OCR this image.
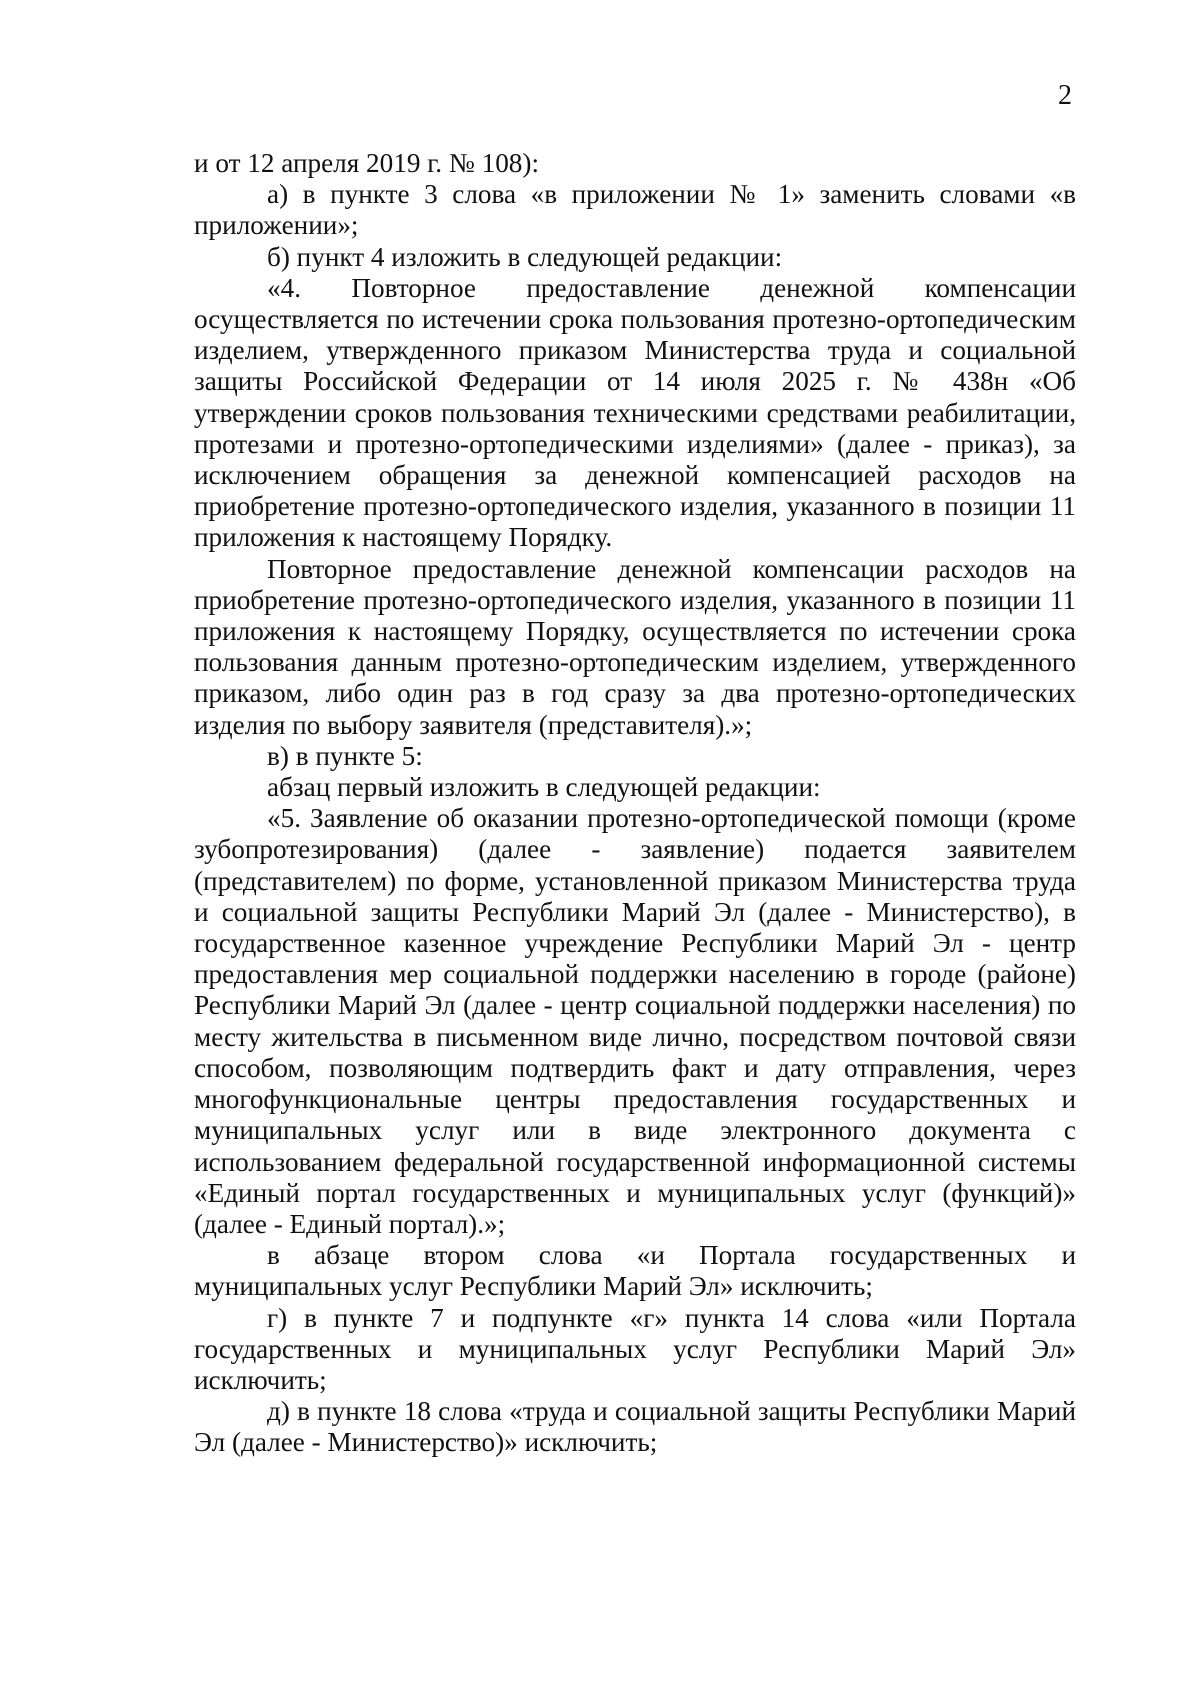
2

и от 12 апреля 2019 г. № 108):

а) в пункте 3 слова «в приложении № 1» заменить словами «в приложении»;

б) пункт 4 изложить в следующей редакции:

«4. Повторное предоставление денежной компенсации осуществляется по истечении срока пользования протезно-ортопедическим изделием, утвержденного приказом Министерства труда и социальной защиты Российской Федерации от 14 июля 2025 г. № 438н «Об утверждении сроков пользования техническими средствами реабилитации, протезами и протезно-ортопедическими изделиями» (далее - приказ), за исключением обращения за денежной компенсацией расходов на приобретение протезно-ортопедического изделия, указанного в позиции 11 приложения к настоящему Порядку.

Повторное предоставление денежной компенсации расходов на приобретение протезно-ортопедического изделия, указанного в позиции 11 приложения к настоящему Порядку, осуществляется по истечении срока пользования данным протезно-ортопедическим изделием, утвержденного приказом, либо один раз в год сразу за два протезно-ортопедических изделия по выбору заявителя (представителя).»;

в) в пункте 5:

абзац первый изложить в следующей редакции:

«5. Заявление об оказании протезно-ортопедической помощи (кроме зубопротезирования) (далее - заявление) подается заявителем (представителем) по форме, установленной приказом Министерства труда и социальной защиты Республики Марий Эл (далее - Министерство), в государственное казенное учреждение Республики Марий Эл - центр предоставления мер социальной поддержки населению в городе (районе) Республики Марий Эл (далее - центр социальной поддержки населения) по месту жительства в письменном виде лично, посредством почтовой связи способом, позволяющим подтвердить факт и дату отправления, через многофункциональные центры предоставления государственных и муниципальных услуг или в виде электронного документа с использованием федеральной государственной информационной системы «Единый портал государственных и муниципальных услуг (функций)» (далее - Единый портал).»;

в абзаце втором слова «и Портала государственных и муниципальных услуг Республики Марий Эл» исключить;

г) в пункте 7 и подпункте «г» пункта 14 слова «или Портала государственных и муниципальных услуг Республики Марий Эл» исключить;

д) в пункте 18 слова «труда и социальной защиты Республики Марий Эл (далее - Министерство)» исключить;
